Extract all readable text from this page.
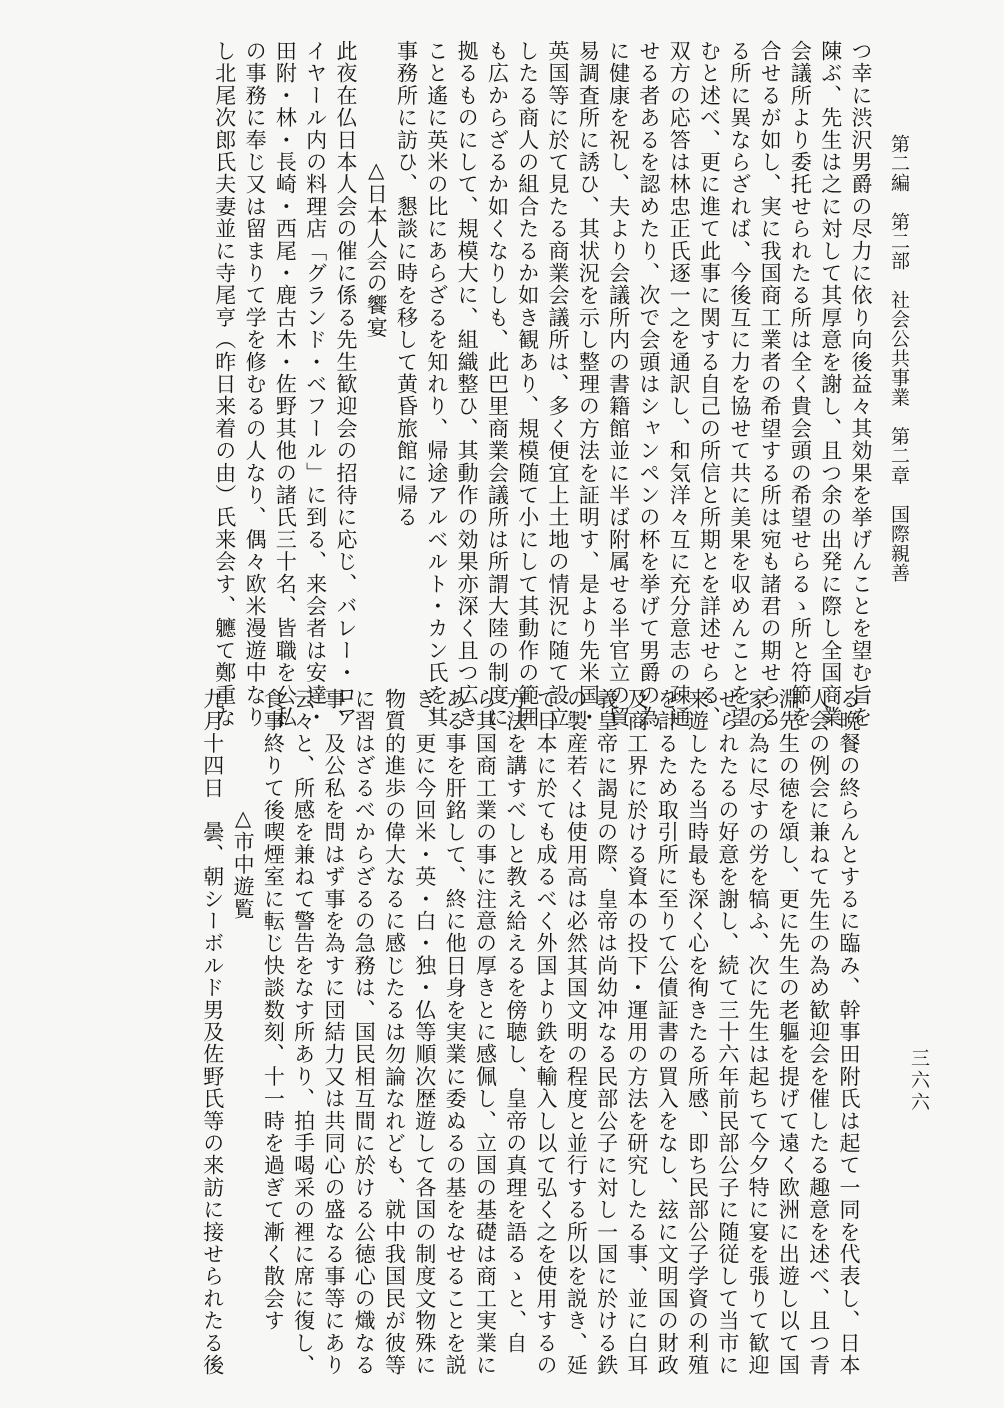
第二編　第二部　社会公共事業　第二章　国際親善
三六六
つ幸に渋沢男爵の尽力に依り向後益々其効果を挙げんことを望む旨を
陳ぶ、先生は之に対して其厚意を謝し、且つ余の出発に際し全国商業
会議所より委托せられたる所は全く貴会頭の希望せらるゝ所と符節を
合せるが如し、実に我国商工業者の希望する所は宛も諸君の期せらる
る所に異ならざれば、今後互に力を協せて共に美果を収めんことを望
むと述べ、更に進て此事に関する自己の所信と所期とを詳述せらる、
双方の応答は林忠正氏逐一之を通訳し、和気洋々互に充分意志の疎通
せる者あるを認めたり、次で会頭はシャンペンの杯を挙げて男爵の為
に健康を祝し、夫より会議所内の書籍館並に半ば附属せる半官立の貿
易調査所に誘ひ、其状況を示し整理の方法を証明す、是より先米国・
英国等に於て見たる商業会議所は、多く便宜上土地の情況に随て設立
したる商人の組合たるか如き観あり、規模随て小にして其動作の範囲
も広からざるか如くなりしも、此巴里商業会議所は所謂大陸の制度に
拠るものにして、規模大に、組織整ひ、其動作の効果亦深く且つ広き
こと遙に英米の比にあらざるを知れり、帰途アルベルト・カン氏を其
事務所に訪ひ、懇談に時を移して黄昏旅館に帰る
△日本人会の饗宴
此夜在仏日本人会の催に係る先生歓迎会の招待に応じ、バレー・ロア
イヤール内の料理店「グランド・ベフール」に到る、来会者は安達・
田附・林・長崎・西尾・鹿古木・佐野其他の諸氏三十名、皆職を公私
の事務に奉じ又は留まりて学を修むるの人なり、偶々欧米漫遊中なり
し北尾次郎氏夫妻並に寺尾亨（昨日来着の由）氏来会す、軈て鄭重な
る晩餐の終らんとするに臨み、幹事田附氏は起て一同を代表し、日本
人会の例会に兼ねて先生の為め歓迎会を催したる趣意を述べ、且つ青
淵先生の徳を頌し、更に先生の老軀を提げて遠く欧洲に出遊し以て国
家の為に尽すの労を犒ふ、次に先生は起ちて今夕特に宴を張りて歓迎
せられたるの好意を謝し、続て三十六年前民部公子に随従して当市に
来遊したる当時最も深く心を徇きたる所感、即ち民部公子学資の利殖
を計るため取引所に至りて公債証書の買入をなし、玆に文明国の財政
及商工界に於ける資本の投下・運用の方法を研究したる事、並に白耳
義皇帝に謁見の際、皇帝は尚幼冲なる民部公子に対し一国に於ける鉄
の製産若くは使用高は必然其国文明の程度と並行する所以を説き、延
て日本に於ても成るべく外国より鉄を輸入し以て弘く之を使用するの
方法を講すべしと教え給えるを傍聴し、皇帝の真理を語るゝと、自
ら其国商工業の事に注意の厚きとに感佩し、立国の基礎は商工実業に
ある事を肝銘して、終に他日身を実業に委ぬるの基をなせることを説
き、更に今回米・英・白・独・仏等順次歴遊して各国の制度文物殊に
物質的進歩の偉大なるに感じたるは勿論なれども、就中我国民が彼等
に習はざるべからざるの急務は、国民相互間に於ける公徳心の熾なる
事、及公私を問はず事を為すに団結力又は共同心の盛なる事等にあり
云々と、所感を兼ねて警告をなす所あり、拍手喝采の裡に席に復し、
食事終りて後喫煙室に転じ快談数刻、十一時を過ぎて漸く散会す
△市中遊覧
九月十四日　曇、朝シーボルド男及佐野氏等の来訪に接せられたる後
